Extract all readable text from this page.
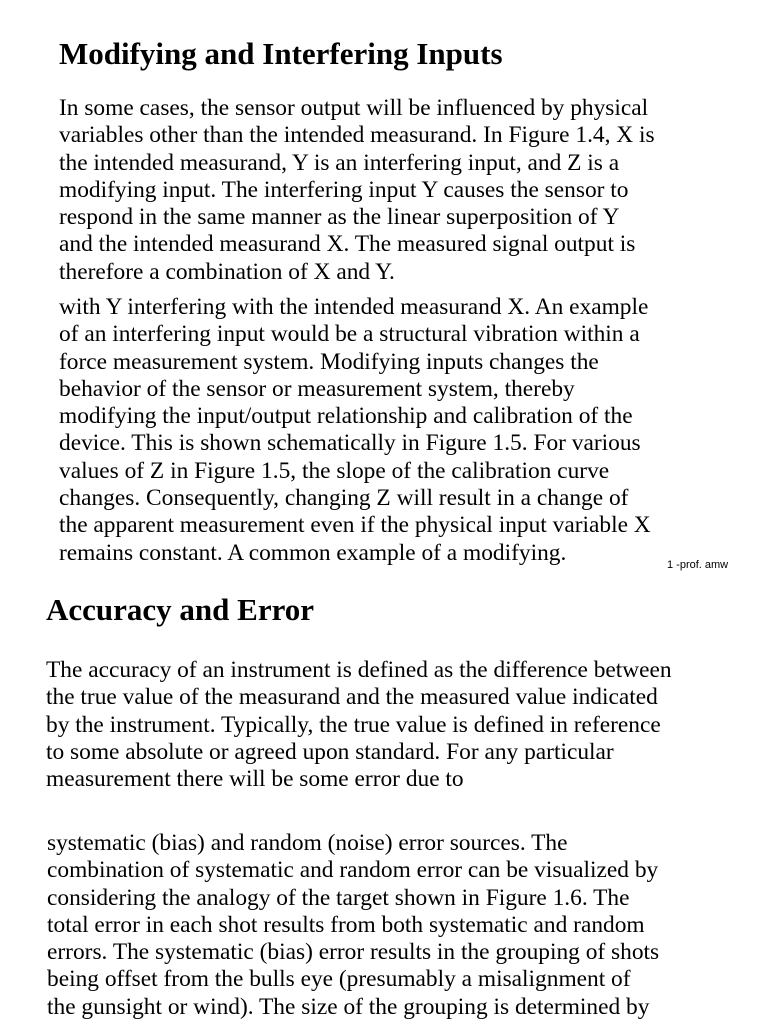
Modifying and Interfering Inputs

In some cases, the sensor output will be influenced by physical
variables other than the intended measurand. In Figure 1.4, X is
the intended measurand, Y is an interfering input, and Z is a
modifying input. The interfering input Y causes the sensor to
respond in the same manner as the linear superposition of Y
and the intended measurand X. The measured signal output is
therefore a combination of X and Y.

with Y interfering with the intended measurand X. An example
of an interfering input would be a structural vibration within a
force measurement system. Modifying inputs changes the
behavior of the sensor or measurement system, thereby
modifying the input/output relationship and calibration of the
device. This is shown schematically in Figure 1.5. For various
values of Z in Figure 1.5, the slope of the calibration curve
changes. Consequently, changing Z will result in a change of
the apparent measurement even if the physical input variable X
remains constant. A common example of a modifying.	1 -prof. amw
Accuracy and Error

The accuracy of an instrument is defined as the difference between
the true value of the measurand and the measured value indicated
by the instrument. Typically, the true value is defined in reference
to some absolute or agreed upon standard. For any particular
measurement there will be some error due to

systematic (bias) and random (noise) error sources. The
combination of systematic and random error can be visualized by
considering the analogy of the target shown in Figure 1.6. The
total error in each shot results from both systematic and random
errors. The systematic (bias) error results in the grouping of shots
being offset from the bulls eye (presumably a misalignment of
the gunsight or wind). The size of the grouping is determined by
